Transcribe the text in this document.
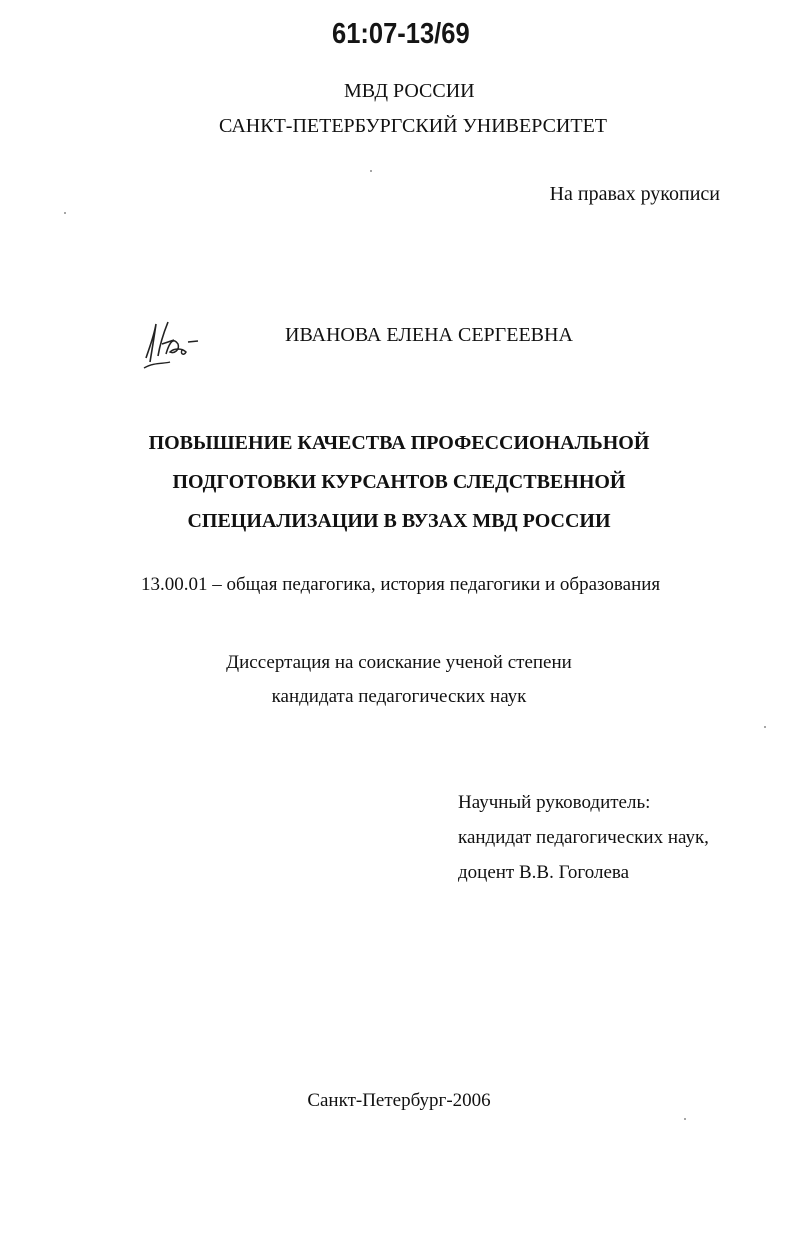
61:07-13/69
МВД РОССИИ
САНКТ-ПЕТЕРБУРГСКИЙ УНИВЕРСИТЕТ
На правах рукописи
ИВАНОВА ЕЛЕНА СЕРГЕЕВНА
ПОВЫШЕНИЕ КАЧЕСТВА ПРОФЕССИОНАЛЬНОЙ
ПОДГОТОВКИ КУРСАНТОВ СЛЕДСТВЕННОЙ
СПЕЦИАЛИЗАЦИИ В ВУЗАХ МВД РОССИИ
13.00.01 – общая педагогика, история педагогики и образования
Диссертация на соискание ученой степени
кандидата педагогических наук
Научный руководитель:
кандидат педагогических наук,
доцент В.В. Гоголева
Санкт-Петербург-2006
